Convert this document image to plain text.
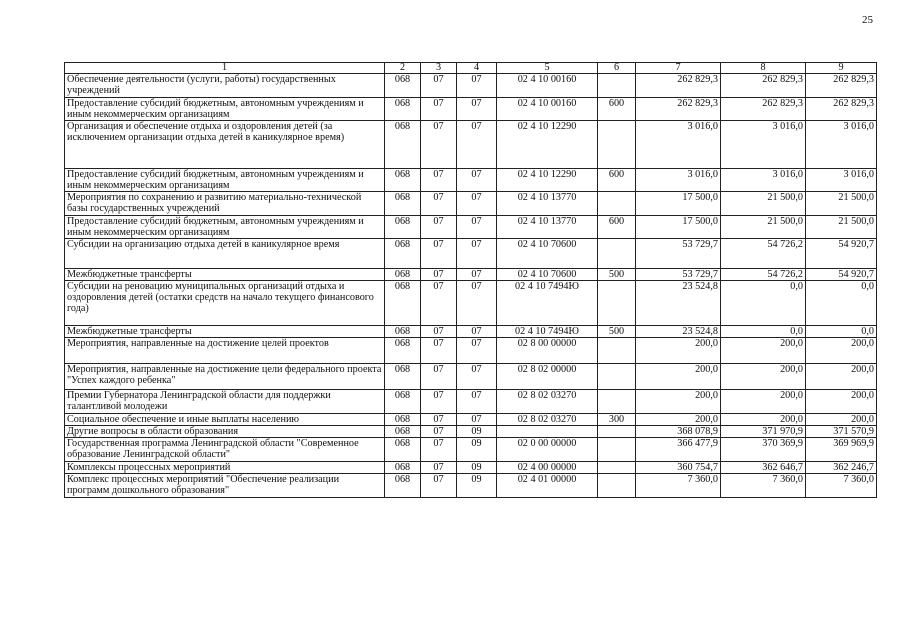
25
1	2	3	4	5	6	7	8	9
Обеспечение деятельности (услуги, работы) государственных учреждений	068	07	07	02 4 10 00160		262 829,3	262 829,3	262 829,3
Предоставление субсидий бюджетным, автономным учреждениям и иным некоммерческим организациям	068	07	07	02 4 10 00160	600	262 829,3	262 829,3	262 829,3
Организация и обеспечение отдыха и оздоровления детей (за исключением организации отдыха детей в каникулярное время)	068	07	07	02 4 10 12290		3 016,0	3 016,0	3 016,0
Предоставление субсидий бюджетным, автономным учреждениям и иным некоммерческим организациям	068	07	07	02 4 10 12290	600	3 016,0	3 016,0	3 016,0
Мероприятия по сохранению и развитию материально-технической базы государственных учреждений	068	07	07	02 4 10 13770		17 500,0	21 500,0	21 500,0
Предоставление субсидий бюджетным, автономным учреждениям и иным некоммерческим организациям	068	07	07	02 4 10 13770	600	17 500,0	21 500,0	21 500,0
Субсидии на организацию отдыха детей в каникулярное время	068	07	07	02 4 10 70600		53 729,7	54 726,2	54 920,7
Межбюджетные трансферты	068	07	07	02 4 10 70600	500	53 729,7	54 726,2	54 920,7
Субсидии на реновацию муниципальных организаций отдыха и оздоровления детей (остатки средств на начало текущего финансового года)	068	07	07	02 4 10 7494Ю		23 524,8	0,0	0,0
Межбюджетные трансферты	068	07	07	02 4 10 7494Ю	500	23 524,8	0,0	0,0
Мероприятия, направленные на достижение целей проектов	068	07	07	02 8 00 00000		200,0	200,0	200,0
Мероприятия, направленные на достижение цели федерального проекта "Успех каждого ребенка"	068	07	07	02 8 02 00000		200,0	200,0	200,0
Премии Губернатора Ленинградской области для поддержки талантливой молодежи	068	07	07	02 8 02 03270		200,0	200,0	200,0
Социальное обеспечение и иные выплаты населению	068	07	07	02 8 02 03270	300	200,0	200,0	200,0
Другие вопросы в области образования	068	07	09			368 078,9	371 970,9	371 570,9
Государственная программа Ленинградской области "Современное образование Ленинградской области"	068	07	09	02 0 00 00000		366 477,9	370 369,9	369 969,9
Комплексы процессных мероприятий	068	07	09	02 4 00 00000		360 754,7	362 646,7	362 246,7
Комплекс процессных мероприятий "Обеспечение реализации программ дошкольного образования"	068	07	09	02 4 01 00000		7 360,0	7 360,0	7 360,0
